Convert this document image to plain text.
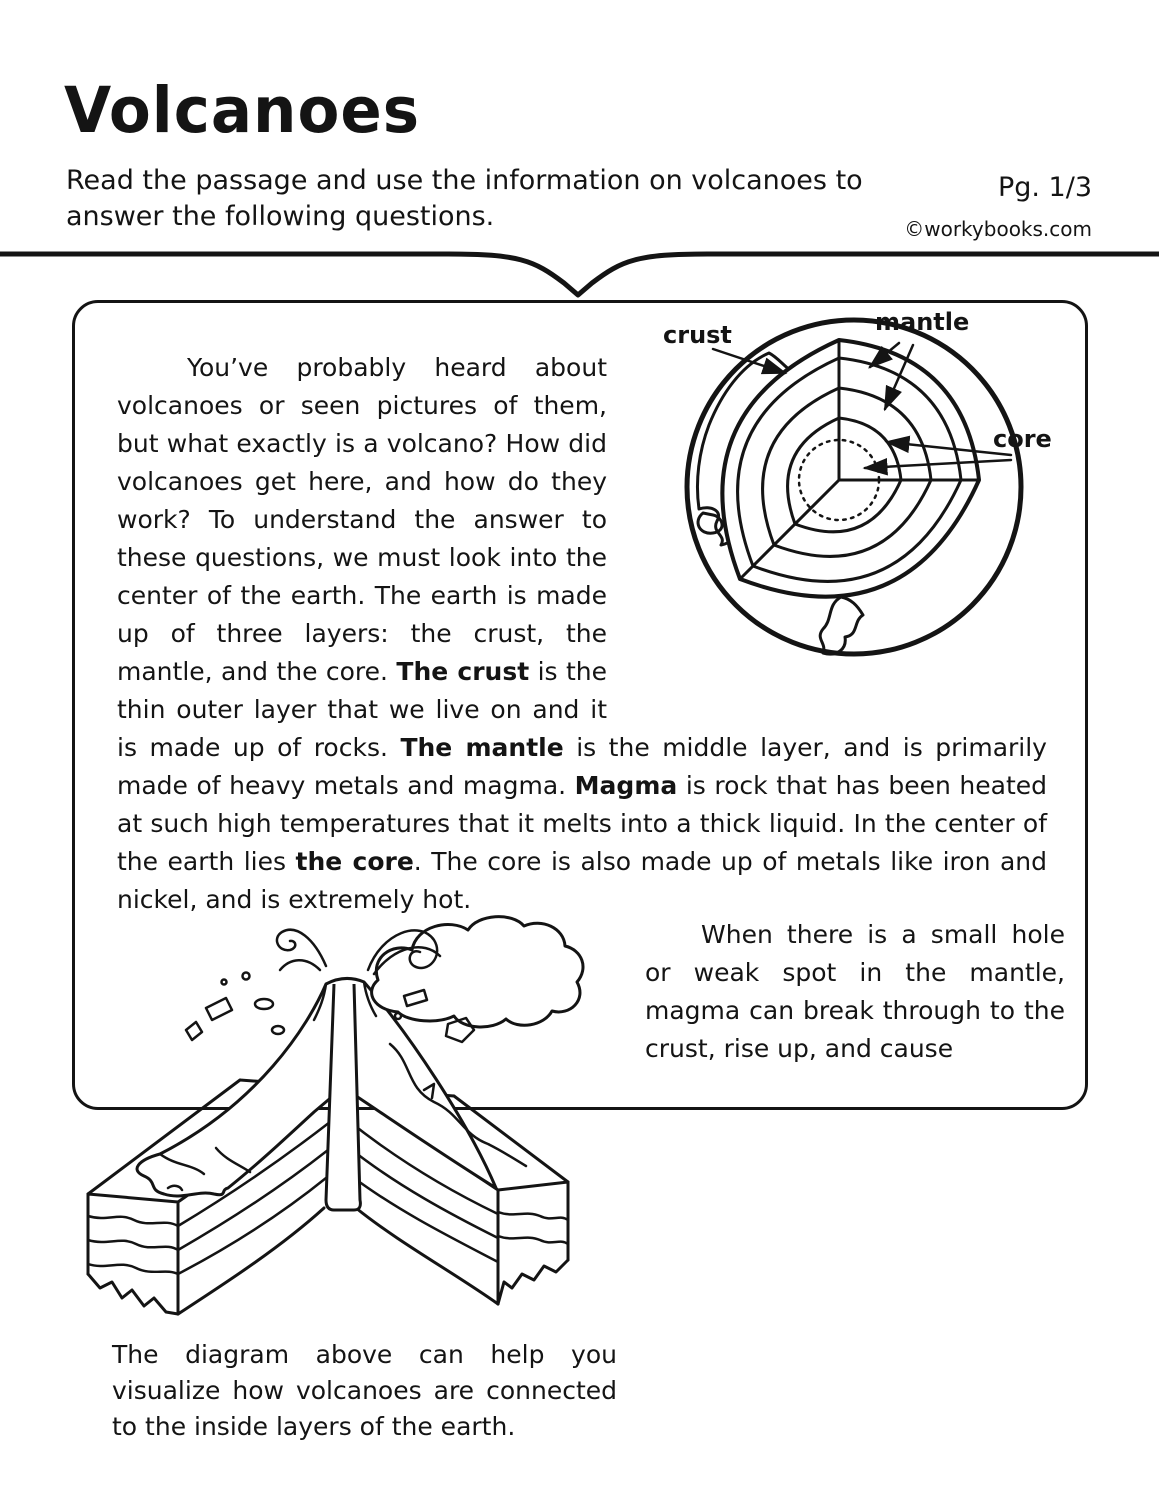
Volcanoes
Read the passage and use the information on volcanoes to answer the following questions.
Pg. 1/3
©workybooks.com
crust	mantle
core
You’ve probably heard about volcanoes or seen pictures of them, but what exactly is a volcano? How did volcanoes get here, and how do they work? To understand the answer to these questions, we must look into the center of the earth. The earth is made up of three layers: the crust, the mantle, and the core. The crust is the thin outer layer that we live on and it is made up of rocks. The mantle is the middle layer, and is primarily made of heavy metals and magma. Magma is rock that has been heated at such high temperatures that it melts into a thick liquid. In the center of the earth lies the core. The core is also made up of metals like iron and nickel, and is extremely hot.
When there is a small hole or weak spot in the mantle, magma can break through to the crust, rise up, and cause
The diagram above can help you visualize how volcanoes are connected to the inside layers of the earth.
